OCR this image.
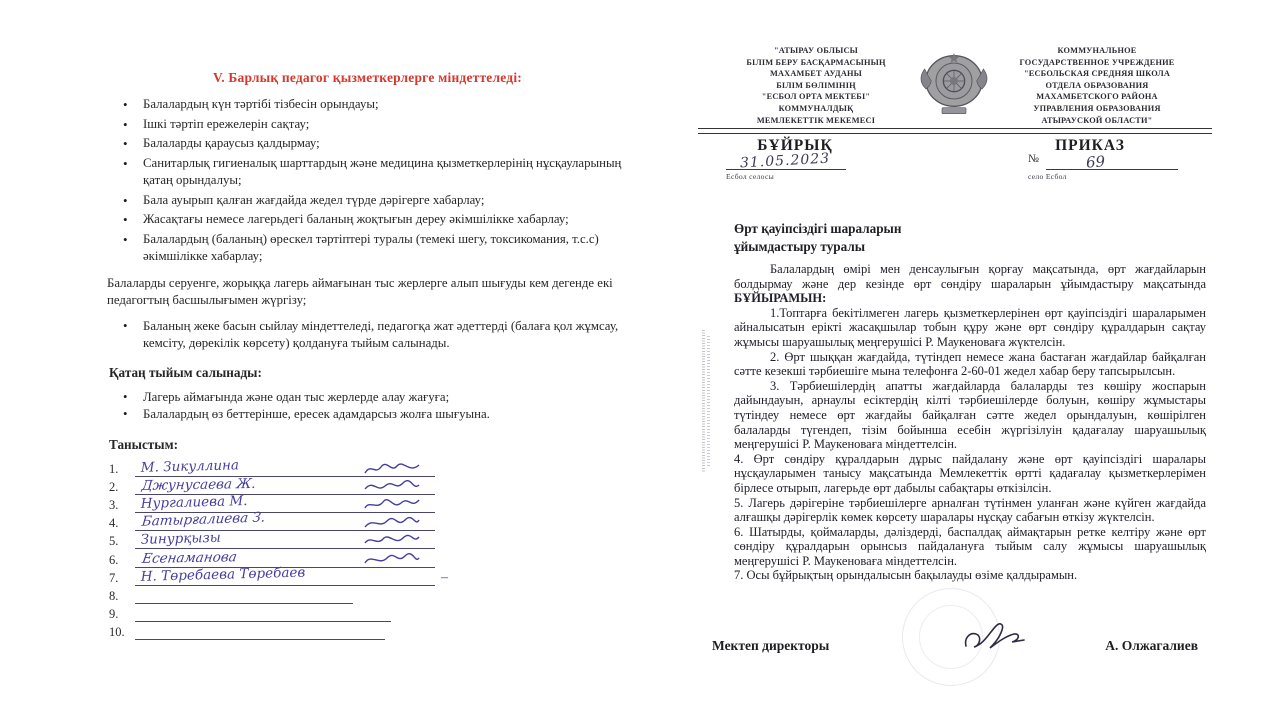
V. Барлық педагог қызметкерлерге міндеттеледі:
• Балалардың күн тәртібі тізбесін орындауы;
• Ішкі тәртіп ережелерін сақтау;
• Балаларды қараусыз қалдырмау;
• Санитарлық гигиеналық шарттардың және медицина қызметкерлерінің нұсқауларының қатаң орындалуы;
• Бала ауырып қалған жағдайда жедел түрде дәрігерге хабарлау;
• Жасақтағы немесе лагерьдегі баланың жоқтығын дереу әкімшілікке хабарлау;
• Балалардың (баланың) өрескел тәртіптері туралы (темекі шегу, токсикомания, т.с.с) әкімшілікке хабарлау;
Балаларды серуенге, жорыққа лагерь аймағынан тыс жерлерге алып шығуды кем дегенде екі педагогтың басшылығымен жүргізу;
• Баланың жеке басын сыйлау міндеттеледі, педагогқа жат әдеттерді (балаға қол жұмсау, кемсіту, дөрекілік көрсету) қолдануға тыйым салынады.
Қатаң тыйым салынады:
• Лагерь аймағында және одан тыс жерлерде алау жағуға;
• Балалардың өз беттерінше, ересек адамдарсыз жолға шығуына.
Таныстым:
1.	М. Зикуллина
2.	Джунусаева Ж.
3.	Нургалиева М.
4.	Батырғалиева З.
5.	Зинурқызы
6.	Есенаманова
7.	Н. Төребаева Төребаев	–
8.
9.
10.
"АТЫРАУ ОБЛЫСЫ
БІЛІМ БЕРУ БАСҚАРМАСЫНЫҢ
МАХАМБЕТ АУДАНЫ
БІЛІМ БӨЛІМІНІҢ
"ЕСБОЛ ОРТА МЕКТЕБІ"
КОММУНАЛДЫҚ
МЕМЛЕКЕТТІК МЕКЕМЕСІ
КОММУНАЛЬНОЕ
ГОСУДАРСТВЕННОЕ УЧРЕЖДЕНИЕ
"ЕСБОЛЬСКАЯ СРЕДНЯЯ ШКОЛА
ОТДЕЛА ОБРАЗОВАНИЯ
МАХАМБЕТСКОГО РАЙОНА
УПРАВЛЕНИЯ ОБРАЗОВАНИЯ
АТЫРАУСКОЙ ОБЛАСТИ"
БҰЙРЫҚ	ПРИКАЗ
31.05.2023
Есбол селосы
№	69
село Есбол
Өрт қауіпсіздігі шараларын
ұйымдастыру туралы

Балалардың өмірі мен денсаулығын қорғау мақсатында, өрт жағдайларын болдырмау және дер кезінде өрт сөндіру шараларын ұйымдастыру мақсатында БҰЙЫРАМЫН:

1.Топтарға бекітілмеген лагерь қызметкерлерінен өрт қауіпсіздігі шараларымен айналысатын ерікті жасақшылар тобын құру және өрт сөндіру құралдарын сақтау жұмысы шаруашылық меңгерушісі Р. Маукеноваға жүктелсін.

2. Өрт шыққан жағдайда, түтіндеп немесе жана бастаған жағдайлар байқалған сәтте кезекші тәрбиешіге мына телефонға 2-60-01 жедел хабар беру тапсырылсын.

3. Тәрбиешілердің апатты жағдайларда балаларды тез көшіру жоспарын дайындауын, арнаулы есіктердің кілті тәрбиешілерде болуын, көшіру жұмыстары түтіндеу немесе өрт жағдайы байқалған сәтте жедел орындалуын, көшірілген балаларды түгендеп, тізім бойынша есебін жүргізілуін қадағалау шаруашылық меңгерушісі Р. Маукеноваға міндеттелсін.

4. Өрт сөндіру құралдарын дұрыс пайдалану және өрт қауіпсіздігі шаралары нұсқауларымен танысу мақсатында Мемлекеттік өртті қадағалау қызметкерлерімен бірлесе отырып, лагерьде өрт дабылы сабақтары өткізілсін.

5. Лагерь дәрігеріне тәрбиешілерге арналған түтінмен уланған және күйген жағдайда алғашқы дәрігерлік көмек көрсету шаралары нұсқау сабағын өткізу жүктелсін.

6. Шатырды, қоймаларды, дәліздерді, баспалдақ аймақтарын ретке келтіру және өрт сөндіру құралдарын орынсыз пайдалануға тыйым салу жұмысы шаруашылық меңгерушісі Р. Маукеноваға міндеттелсін.

7. Осы бұйрықтың орындалысын бақылауды өзіме қалдырамын.

Мектеп директоры	А. Олжагалиев
